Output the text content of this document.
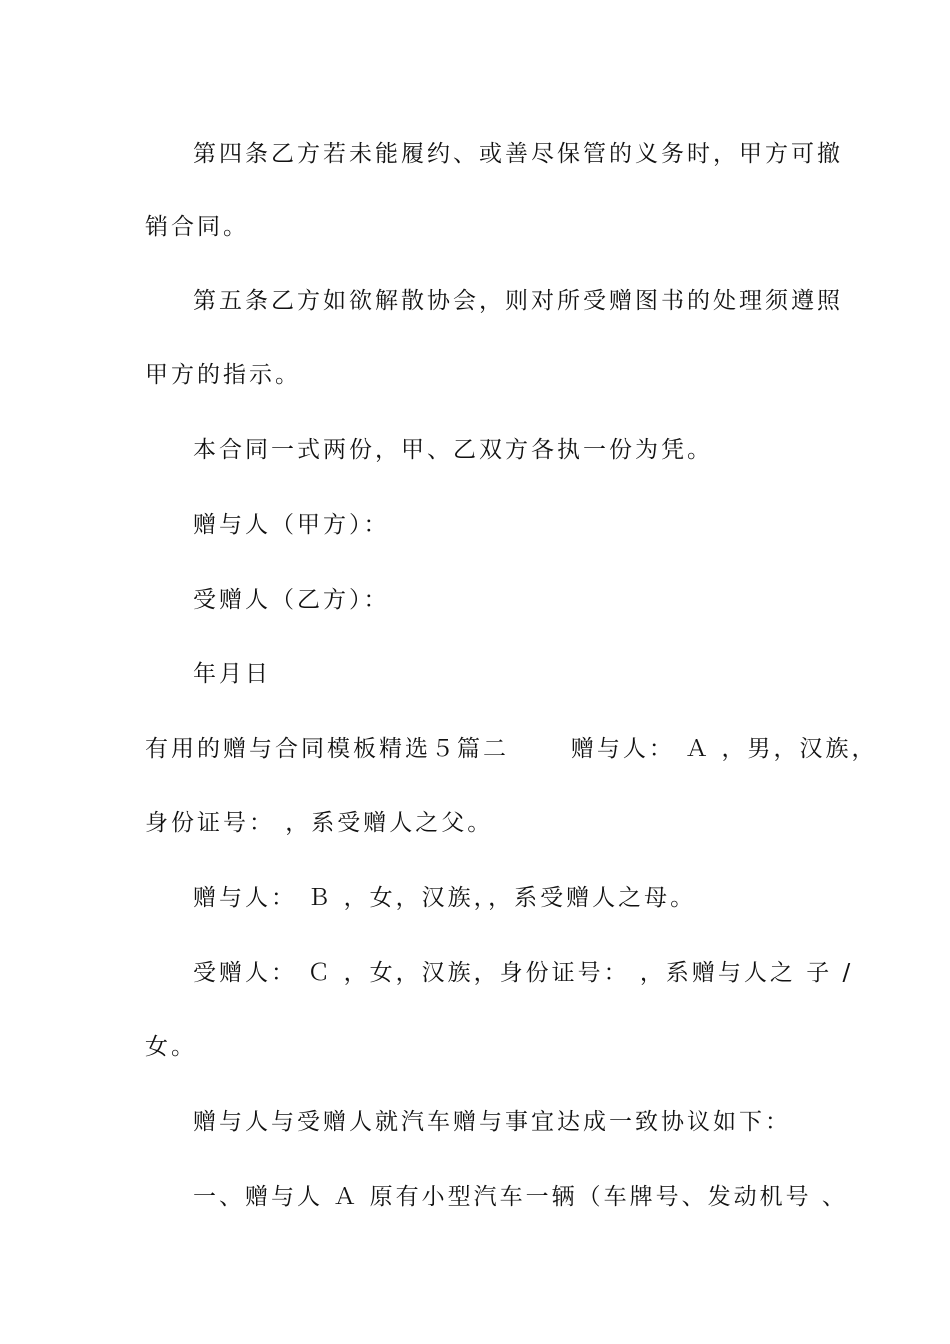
第四条乙方若未能履约、或善尽保管的义务时，甲方可撤
销合同。
第五条乙方如欲解散协会，则对所受赠图书的处理须遵照
甲方的指示。
本合同一式两份，甲、乙双方各执一份为凭。
赠与人（甲方）：
受赠人（乙方）：
年月日
有用的赠与合同模板精选５篇二      赠与人： Ａ ，男，汉族，
身份证号： ，系受赠人之父。
赠与人： Ｂ ，女，汉族，，系受赠人之母。
受赠人： Ｃ ，女，汉族，身份证号： ，系赠与人之 子 /
女。
赠与人与受赠人就汽车赠与事宜达成一致协议如下：
一、赠与人 Ａ 原有小型汽车一辆（车牌号、发动机号 、
